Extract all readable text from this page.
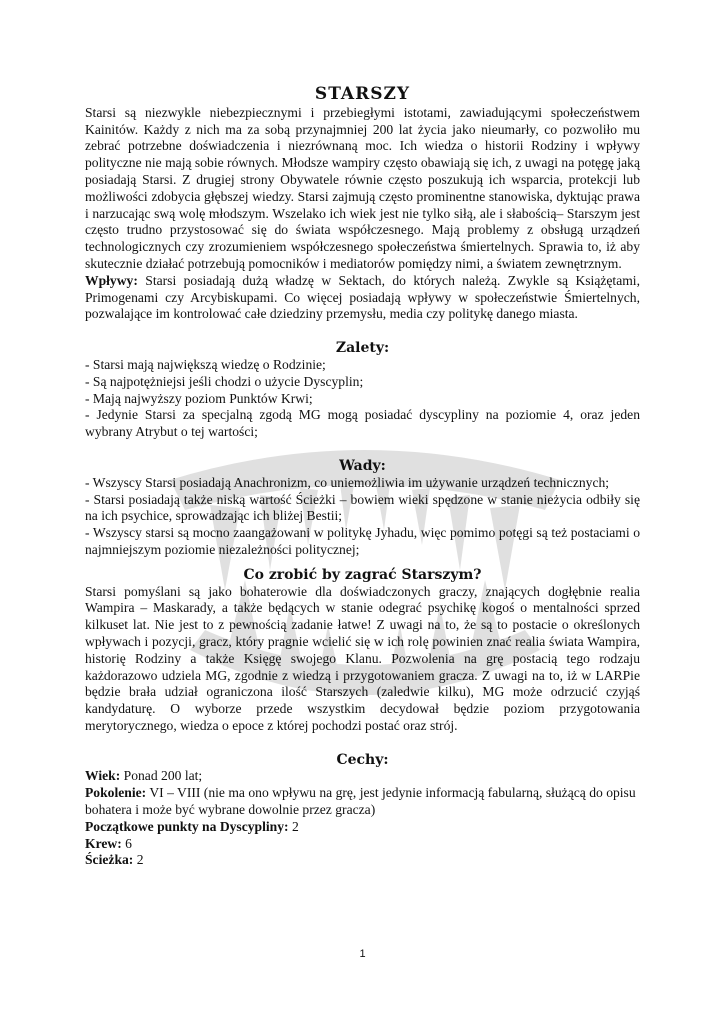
STARSZY

Starsi są niezwykle niebezpiecznymi i przebiegłymi istotami, zawiadującymi społeczeństwem Kainitów. Każdy z nich ma za sobą przynajmniej 200 lat życia jako nieumarły, co pozwoliło mu zebrać potrzebne doświadczenia i niezrównaną moc. Ich wiedza o historii Rodziny i wpływy polityczne nie mają sobie równych. Młodsze wampiry często obawiają się ich, z uwagi na potęgę jaką posiadają Starsi. Z drugiej strony Obywatele równie często poszukują ich wsparcia, protekcji lub możliwości zdobycia głębszej wiedzy. Starsi zajmują często prominentne stanowiska, dyktując prawa i narzucając swą wolę młodszym. Wszelako ich wiek jest nie tylko siłą, ale i słabością– Starszym jest często trudno przystosować się do świata współczesnego. Mają problemy z obsługą urządzeń technologicznych czy zrozumieniem współczesnego społeczeństwa śmiertelnych. Sprawia to, iż aby skutecznie działać potrzebują pomocników i mediatorów pomiędzy nimi, a światem zewnętrznym.

Wpływy: Starsi posiadają dużą władzę w Sektach, do których należą. Zwykle są Książętami, Primogenami czy Arcybiskupami. Co więcej posiadają wpływy w społeczeństwie Śmiertelnych, pozwalające im kontrolować całe dziedziny przemysłu, media czy politykę danego miasta.

Zalety:
- Starsi mają największą wiedzę o Rodzinie;
- Są najpotężniejsi jeśli chodzi o użycie Dyscyplin;
- Mają najwyższy poziom Punktów Krwi;
- Jedynie Starsi za specjalną zgodą MG mogą posiadać dyscypliny na poziomie 4, oraz jeden wybrany Atrybut o tej wartości;
Wady:
- Wszyscy Starsi posiadają Anachronizm, co uniemożliwia im używanie urządzeń technicznych;
- Starsi posiadają także niską wartość Ścieżki – bowiem wieki spędzone w stanie nieżycia odbiły się na ich psychice, sprowadzając ich bliżej Bestii;
- Wszyscy starsi są mocno zaangażowani w politykę Jyhadu, więc pomimo potęgi są też postaciami o najmniejszym poziomie niezależności politycznej;
Co zrobić by zagrać Starszym?

Starsi pomyślani są jako bohaterowie dla doświadczonych graczy, znających dogłębnie realia Wampira – Maskarady, a także będących w stanie odegrać psychikę kogoś o mentalności sprzed kilkuset lat. Nie jest to z pewnością zadanie łatwe! Z uwagi na to, że są to postacie o określonych wpływach i pozycji, gracz, który pragnie wcielić się w ich rolę powinien znać realia świata Wampira, historię Rodziny a także Księgę swojego Klanu. Pozwolenia na grę postacią tego rodzaju każdorazowo udziela MG, zgodnie z wiedzą i przygotowaniem gracza. Z uwagi na to, iż w LARPie będzie brała udział ograniczona ilość Starszych (zaledwie kilku), MG może odrzucić czyjąś kandydaturę. O wyborze przede wszystkim decydował będzie poziom przygotowania merytorycznego, wiedza o epoce z której pochodzi postać oraz strój.

Cechy:

Wiek: Ponad 200 lat;

Pokolenie: VI – VIII (nie ma ono wpływu na grę, jest jedynie informacją fabularną, służącą do opisu bohatera i może być wybrane dowolnie przez gracza)

Początkowe punkty na Dyscypliny: 2

Krew: 6

Ścieżka: 2

1
